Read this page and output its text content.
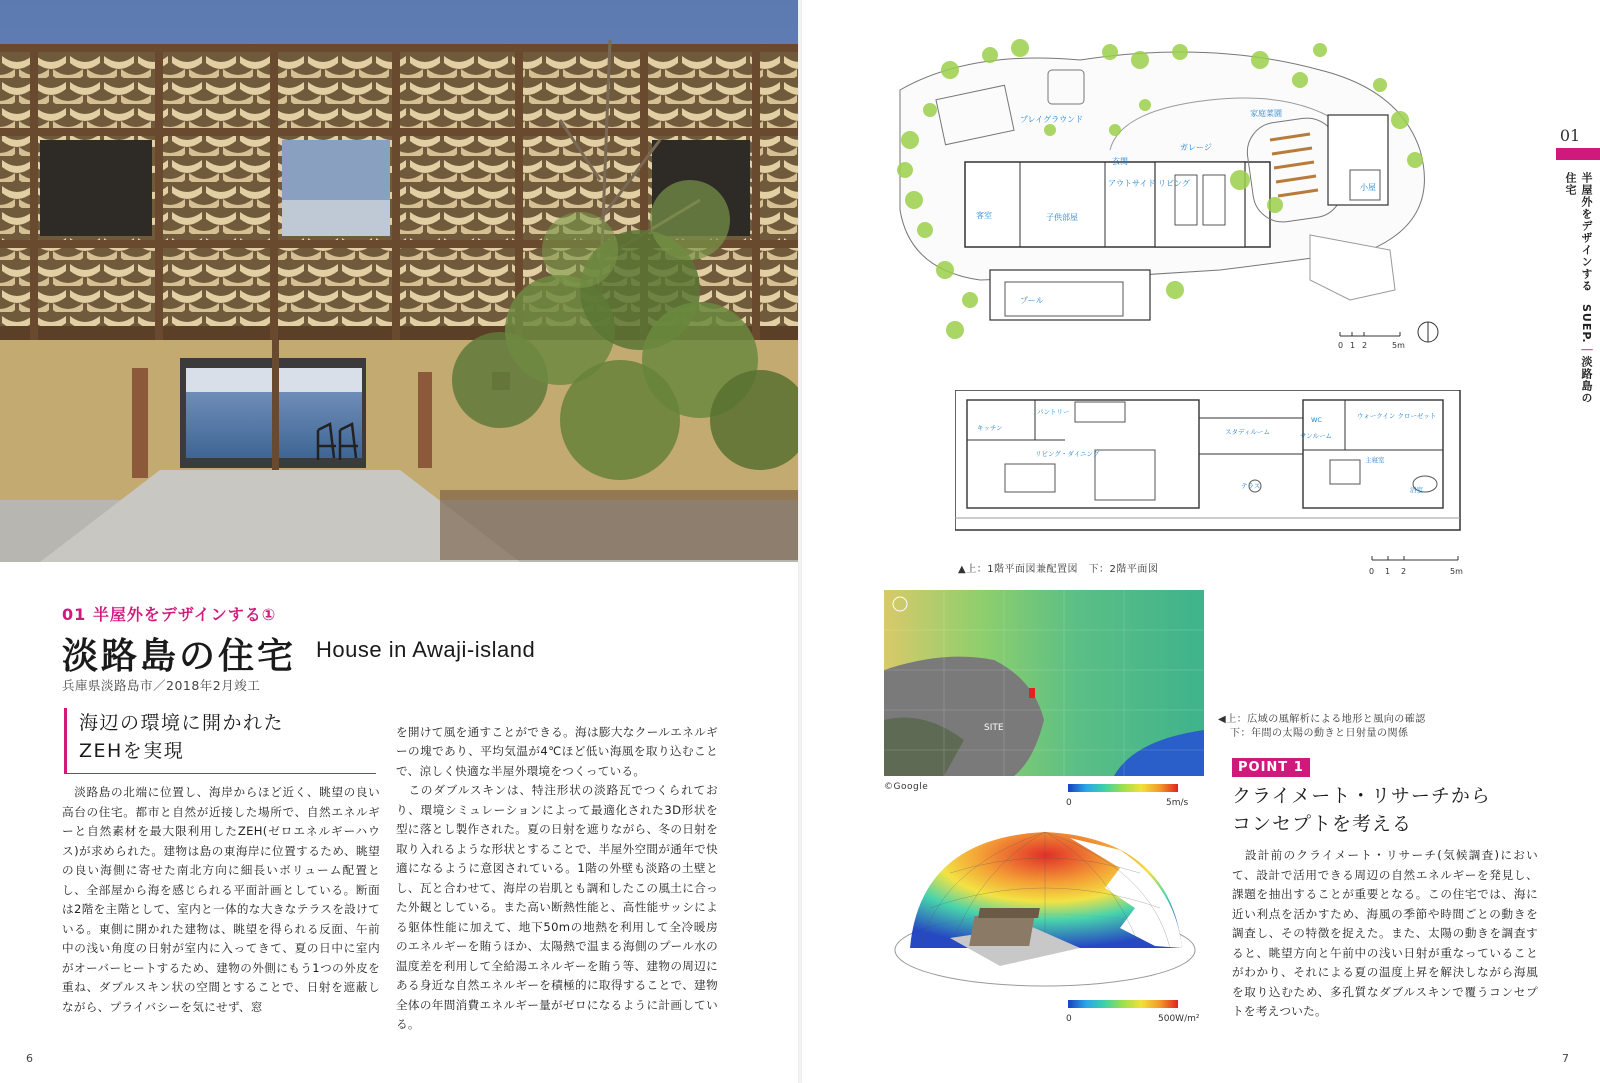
01 半屋外をデザインする①
淡路島の住宅 House in Awaji-island
兵庫県淡路島市／2018年2月竣工
海辺の環境に開かれた
ZEHを実現

　淡路島の北端に位置し、海岸からほど近く、眺望の良い高台の住宅。都市と自然が近接した場所で、自然エネルギーと自然素材を最大限利用したZEH(ゼロエネルギーハウス)が求められた。建物は島の東海岸に位置するため、眺望の良い海側に寄せた南北方向に細長いボリューム配置とし、全部屋から海を感じられる平面計画としている。断面は2階を主階として、室内と一体的な大きなテラスを設けている。東側に開かれた建物は、眺望を得られる反面、午前中の浅い角度の日射が室内に入ってきて、夏の日中に室内がオーバーヒートするため、建物の外側にもう1つの外皮を重ね、ダブルスキン状の空間とすることで、日射を遮蔽しながら、プライバシーを気にせず、窓

を開けて風を通すことができる。海は膨大なクールエネルギーの塊であり、平均気温が4℃ほど低い海風を取り込むことで、涼しく快適な半屋外環境をつくっている。
　このダブルスキンは、特注形状の淡路瓦でつくられており、環境シミュレーションによって最適化された3D形状を型に落とし製作された。夏の日射を遮りながら、冬の日射を取り入れるような形状とすることで、半屋外空間が通年で快適になるように意図されている。1階の外壁も淡路の土壁とし、瓦と合わせて、海岸の岩肌とも調和したこの風土に合った外観としている。また高い断熱性能と、高性能サッシによる躯体性能に加えて、地下50mの地熱を利用して全冷暖房のエネルギーを賄うほか、太陽熱で温まる海側のプール水の温度差を利用して全給湯エネルギーを賄う等、建物の周辺にある身近な自然エネルギーを積極的に取得することで、建物全体の年間消費エネルギー量がゼロになるように計画している。

6
01
半屋外をデザインする　SUEP.｜淡路島の住宅
プレイグラウンド
家庭菜園
玄関
アウトサイド リビング
ガレージ
客室	子供部屋
小屋
プール
0 1 2	5m
キッチン
パントリー
リビング・ダイニング
スタディルーム	サンルーム
テラス
WC	ウォークイン クローゼット
主寝室
浴室
▲上：1階平面図兼配置図　下：2階平面図	0 1 2	5m
SITE
©Google
0	5m/s
◀上：広域の風解析による地形と風向の確認
下：年間の太陽の動きと日射量の関係
0	500W/m²
POINT 1
クライメート・リサーチから
コンセプトを考える

　設計前のクライメート・リサーチ(気候調査)において、設計で活用できる周辺の自然エネルギーを発見し、課題を抽出することが重要となる。この住宅では、海に近い利点を活かすため、海風の季節や時間ごとの動きを調査し、その特徴を捉えた。また、太陽の動きを調査すると、眺望方向と午前中の浅い日射が重なっていることがわかり、それによる夏の温度上昇を解決しながら海風を取り込むため、多孔質なダブルスキンで覆うコンセプトを考えついた。

7
